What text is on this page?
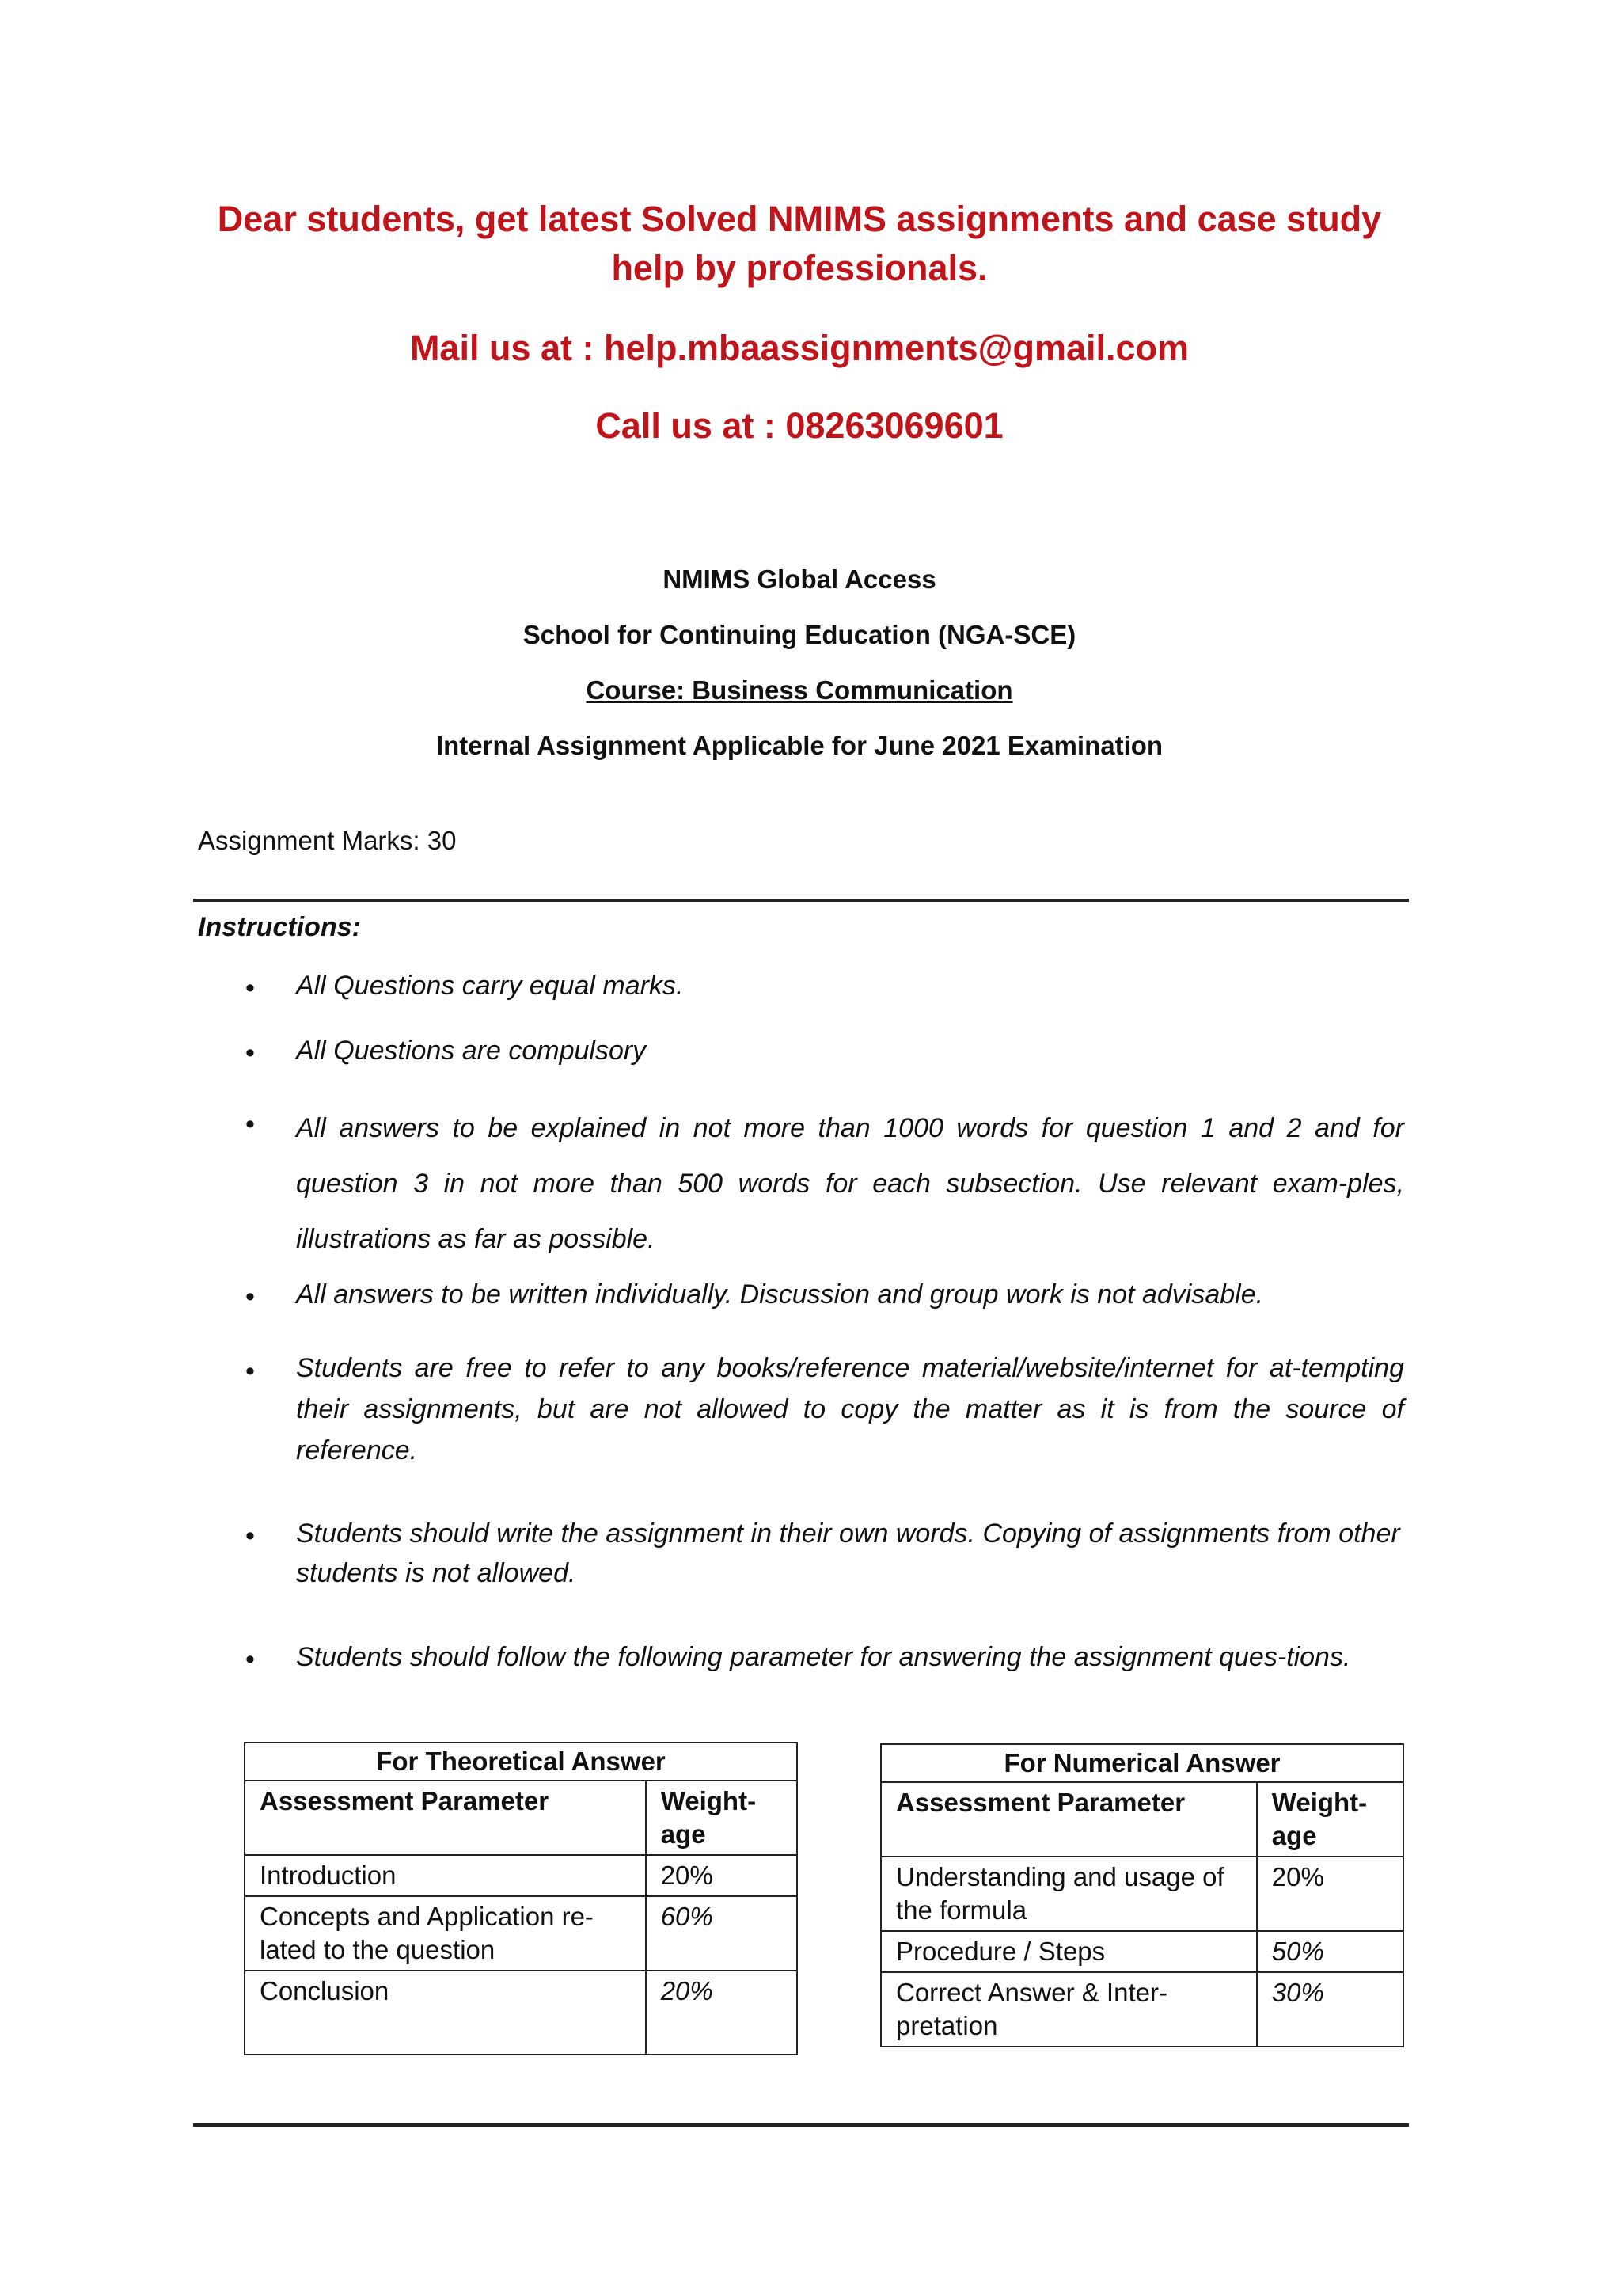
Dear students, get latest Solved NMIMS assignments and case study help by professionals.
Mail us at : help.mbaassignments@gmail.com
Call us at : 08263069601
NMIMS Global Access
School for Continuing Education (NGA-SCE)
Course: Business Communication
Internal Assignment Applicable for June 2021 Examination
Assignment Marks: 30
Instructions:
•	All Questions carry equal marks.
•	All Questions are compulsory
•	All answers to be explained in not more than 1000 words for question 1 and 2 and for question 3 in not more than 500 words for each subsection. Use relevant exam-ples, illustrations as far as possible.
•	All answers to be written individually. Discussion and group work is not advisable.
•	Students are free to refer to any books/reference material/website/internet for at-tempting their assignments, but are not allowed to copy the matter as it is from the source of reference.
•	Students should write the assignment in their own words. Copying of assignments from other students is not allowed.
•	Students should follow the following parameter for answering the assignment ques-tions.
For Theoretical Answer	
Assessment Parameter	Weight-age
Introduction	20%
Concepts and Application re-lated to the question	60%
Conclusion	20%
For Numerical Answer	
Assessment Parameter	Weight-age
Understanding and usage of the formula	20%
Procedure / Steps	50%
Correct Answer & Inter-pretation	30%
